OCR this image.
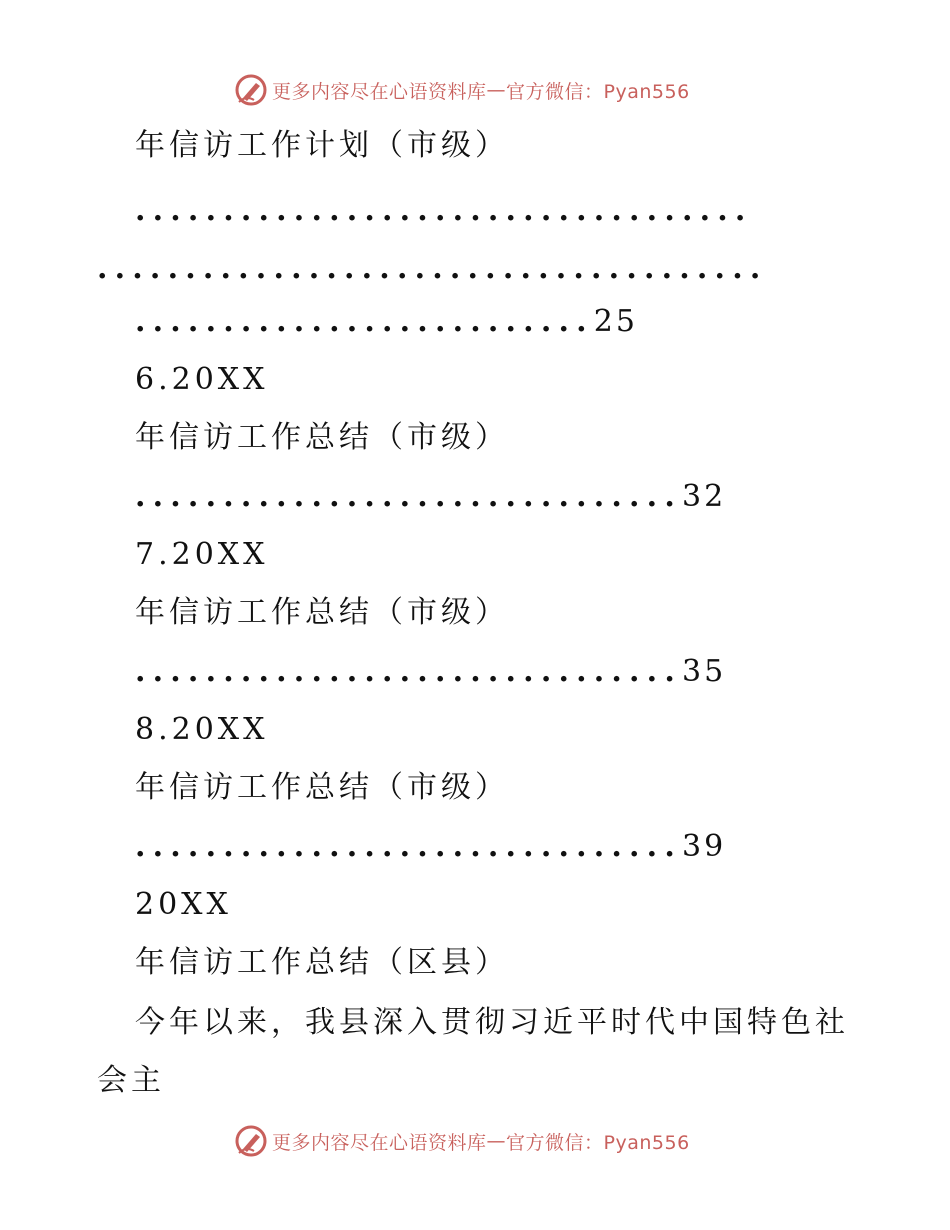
更多内容尽在心语资料库 — 官方微信：Pyan556
年信访工作计划（市级）
...................................
......................................
..........................25
6.20XX
年信访工作总结（市级）
...............................32
7.20XX
年信访工作总结（市级）
...............................35
8.20XX
年信访工作总结（市级）
...............................39
20XX
年信访工作总结（区县）
今年以来，我县深入贯彻习近平时代中国特色社
会主
更多内容尽在心语资料库 — 官方微信：Pyan556
